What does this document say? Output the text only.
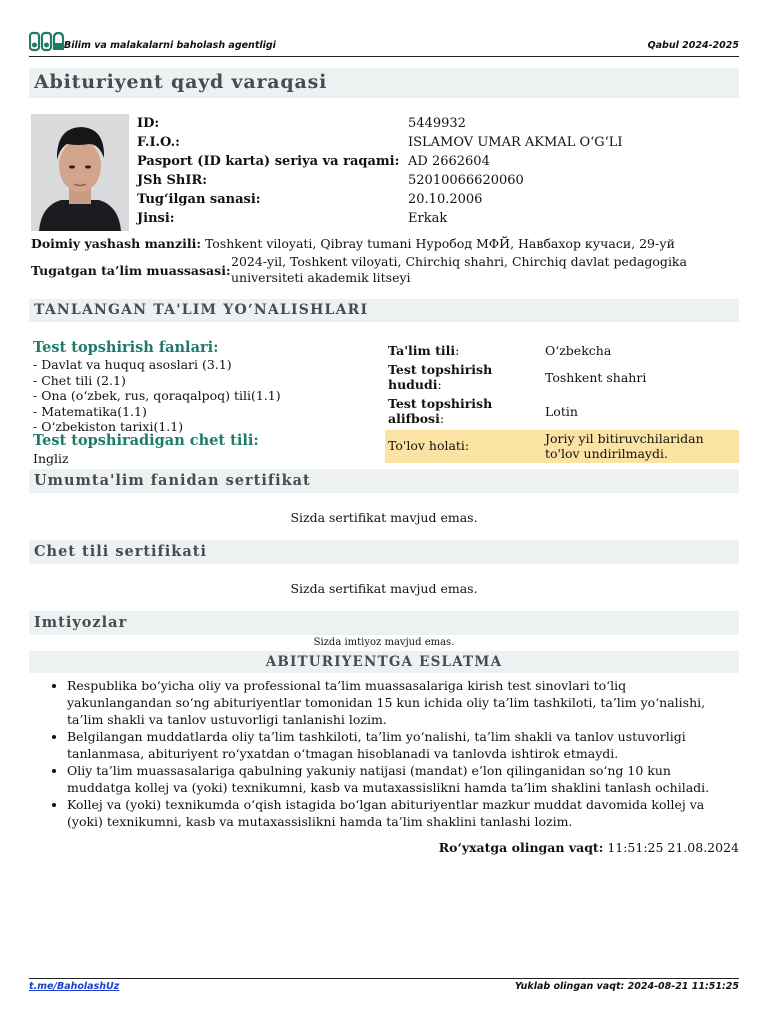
Bilim va malakalarni baholash agentligi	Qabul 2024-2025
Abituriyent qayd varaqasi
ID:	5449932
F.I.O.:	ISLAMOV UMAR AKMAL O‘G‘LI
Pasport (ID karta) seriya va raqami: AD 2662604
JSh ShIR:	52010066620060
Tug‘ilgan sanasi:	20.10.2006
Jinsi:	Erkak
Doimiy yashash manzili: Toshkent viloyati, Qibray tumani Нуробод МФЙ, Навбахор кучаси, 29-уй
Tugatgan ta’lim muassasasi:
2024-yil, Toshkent viloyati, Chirchiq shahri, Chirchiq davlat pedagogika
universiteti akademik litseyi
TANLANGAN TA'LIM YO‘NALISHLARI
Test topshirish fanlari:
- Davlat va huquq asoslari (3.1)
- Chet tili (2.1)
- Ona (o‘zbek, rus, qoraqalpoq) tili(1.1)
- Matematika(1.1)
- O‘zbekiston tarixi(1.1)
Test topshiradigan chet tili:
Ingliz
Ta'lim tili:	O‘zbekcha
Test topshirish
hududi:	Toshkent shahri
Test topshirish
alifbosi:	Lotin
To'lov holati:	Joriy yil bitiruvchilaridan
to'lov undirilmaydi.
Umumta'lim fanidan sertifikat
Sizda sertifikat mavjud emas.
Chet tili sertifikati
Sizda sertifikat mavjud emas.
Imtiyozlar
Sizda imtiyoz mavjud emas.
ABITURIYENTGA ESLATMA
• Respublika bo‘yicha oliy va professional ta’lim muassasalariga kirish test sinovlari to‘liq yakunlangandan so‘ng abituriyentlar tomonidan 15 kun ichida oliy ta’lim tashkiloti, ta’lim yo‘nalishi, ta’lim shakli va tanlov ustuvorligi tanlanishi lozim.
• Belgilangan muddatlarda oliy ta’lim tashkiloti, ta’lim yo‘nalishi, ta’lim shakli va tanlov ustuvorligi tanlanmasa, abituriyent ro‘yxatdan o‘tmagan hisoblanadi va tanlovda ishtirok etmaydi.
• Oliy ta’lim muassasalariga qabulning yakuniy natijasi (mandat) e’lon qilinganidan so‘ng 10 kun muddatga kollej va (yoki) texnikumni, kasb va mutaxassislikni hamda ta’lim shaklini tanlash ochiladi.
• Kollej va (yoki) texnikumda o‘qish istagida bo‘lgan abituriyentlar mazkur muddat davomida kollej va (yoki) texnikumni, kasb va mutaxassislikni hamda ta’lim shaklini tanlashi lozim.
Ro‘yxatga olingan vaqt: 11:51:25 21.08.2024
t.me/BaholashUz	Yuklab olingan vaqt: 2024-08-21 11:51:25
